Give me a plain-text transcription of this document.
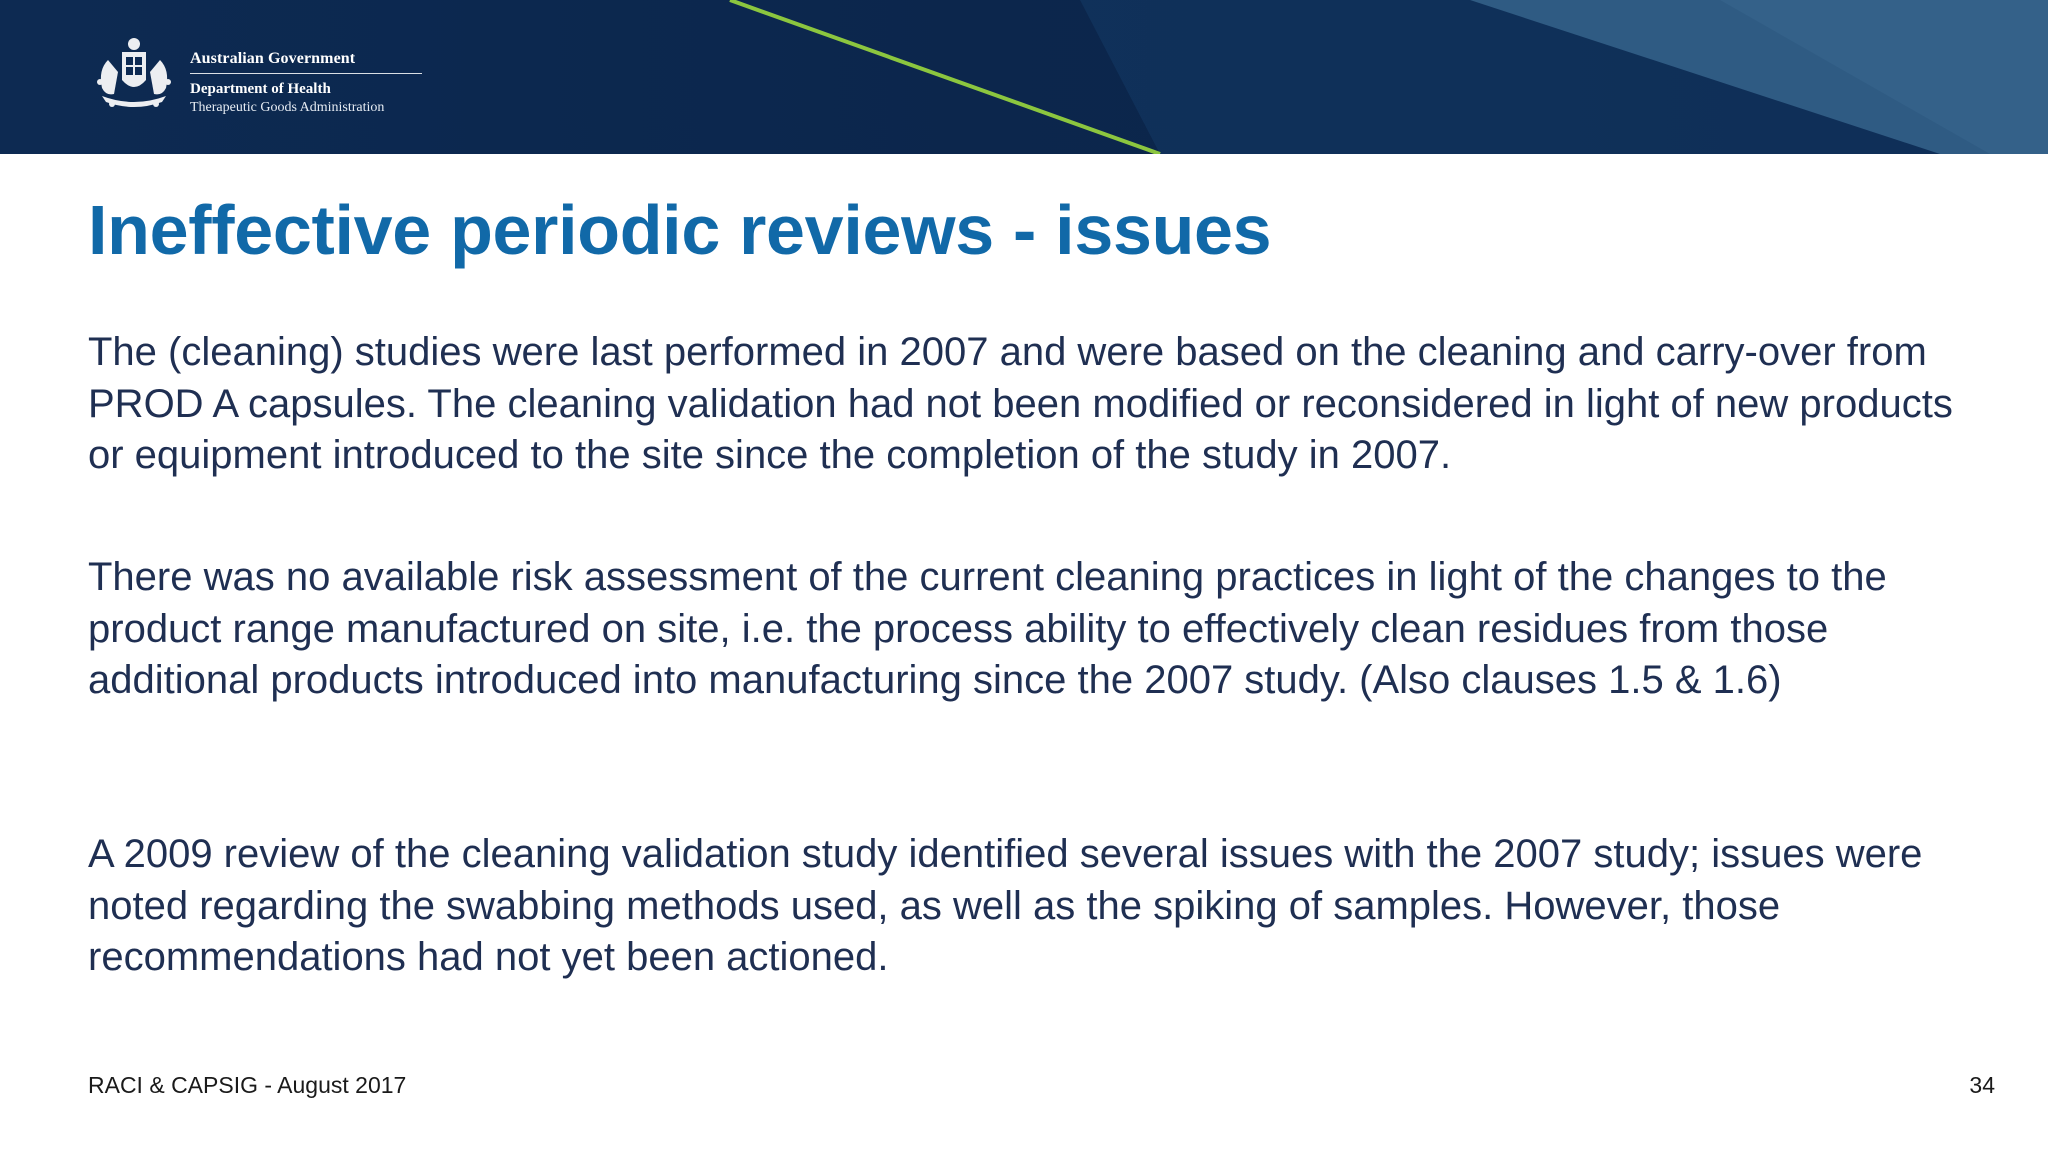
Australian Government
Department of Health
Therapeutic Goods Administration
Ineffective periodic reviews - issues

The (cleaning) studies were last performed in 2007 and were based on the cleaning and carry-over from PROD A capsules. The cleaning validation had not been modified or reconsidered in light of new products or equipment introduced to the site since the completion of the study in 2007.

There was no available risk assessment of the current cleaning practices in light of the changes to the product range manufactured on site, i.e. the process ability to effectively clean residues from those additional products introduced into manufacturing since the 2007 study. (Also clauses 1.5 & 1.6)

A 2009 review of the cleaning validation study identified several issues with the 2007 study; issues were noted regarding the swabbing methods used, as well as the spiking of samples. However, those recommendations had not yet been actioned.

RACI & CAPSIG - August 2017	34
